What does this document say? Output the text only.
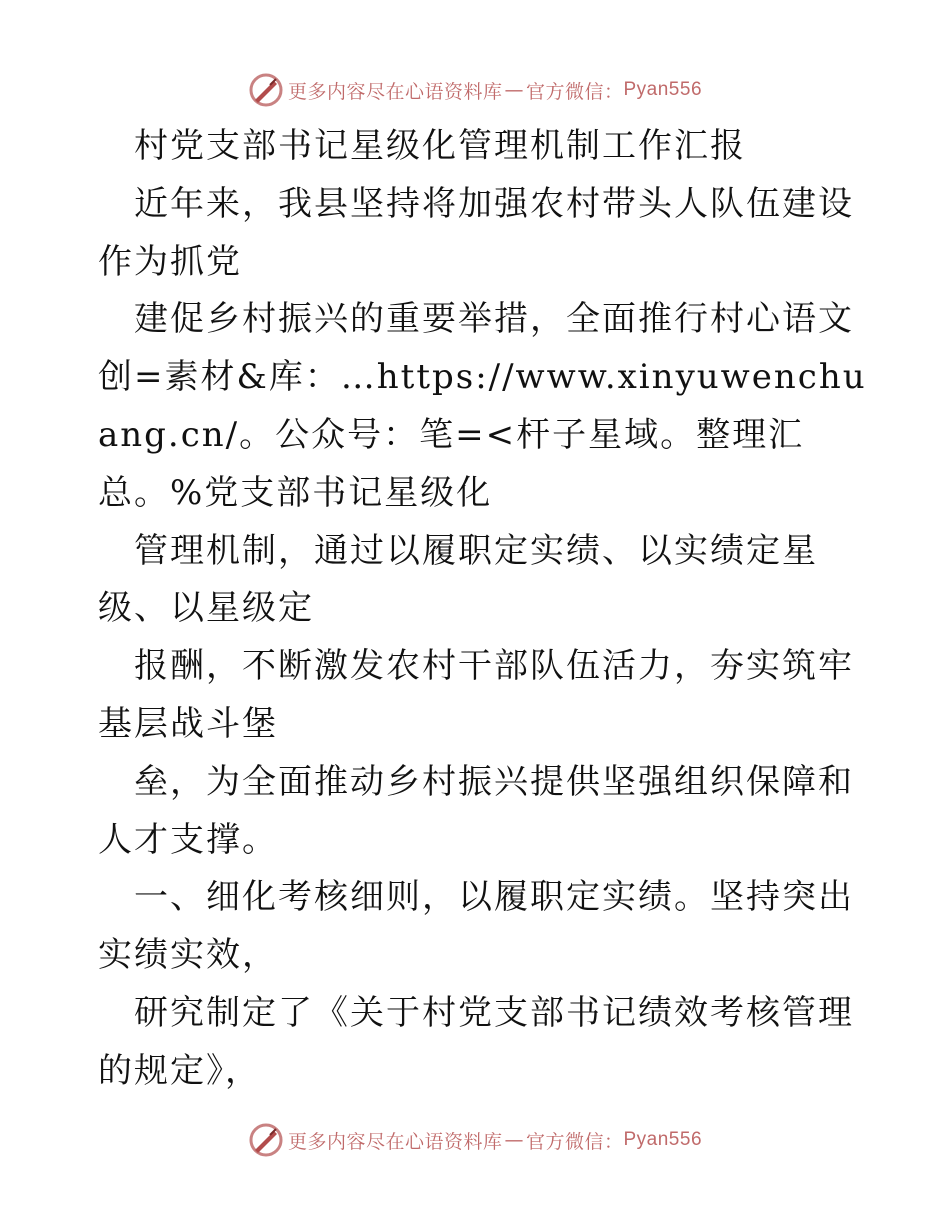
更多内容尽在心语资料库 — 官方微信： Pyan556

村党支部书记星级化管理机制工作汇报

近年来，我县坚持将加强农村带头人队伍建设作为抓党

建促乡村振兴的重要举措，全面推行村心语文创=素材&库：…https://www.xinyuwenchuang.cn/。公众号：笔=<杆子星域。整理汇总。%党支部书记星级化

管理机制，通过以履职定实绩、以实绩定星级、以星级定

报酬，不断激发农村干部队伍活力，夯实筑牢基层战斗堡

垒，为全面推动乡村振兴提供坚强组织保障和人才支撑。

一、细化考核细则，以履职定实绩。坚持突出实绩实效，

研究制定了《关于村党支部书记绩效考核管理的规定》，

更多内容尽在心语资料库 — 官方微信： Pyan556
